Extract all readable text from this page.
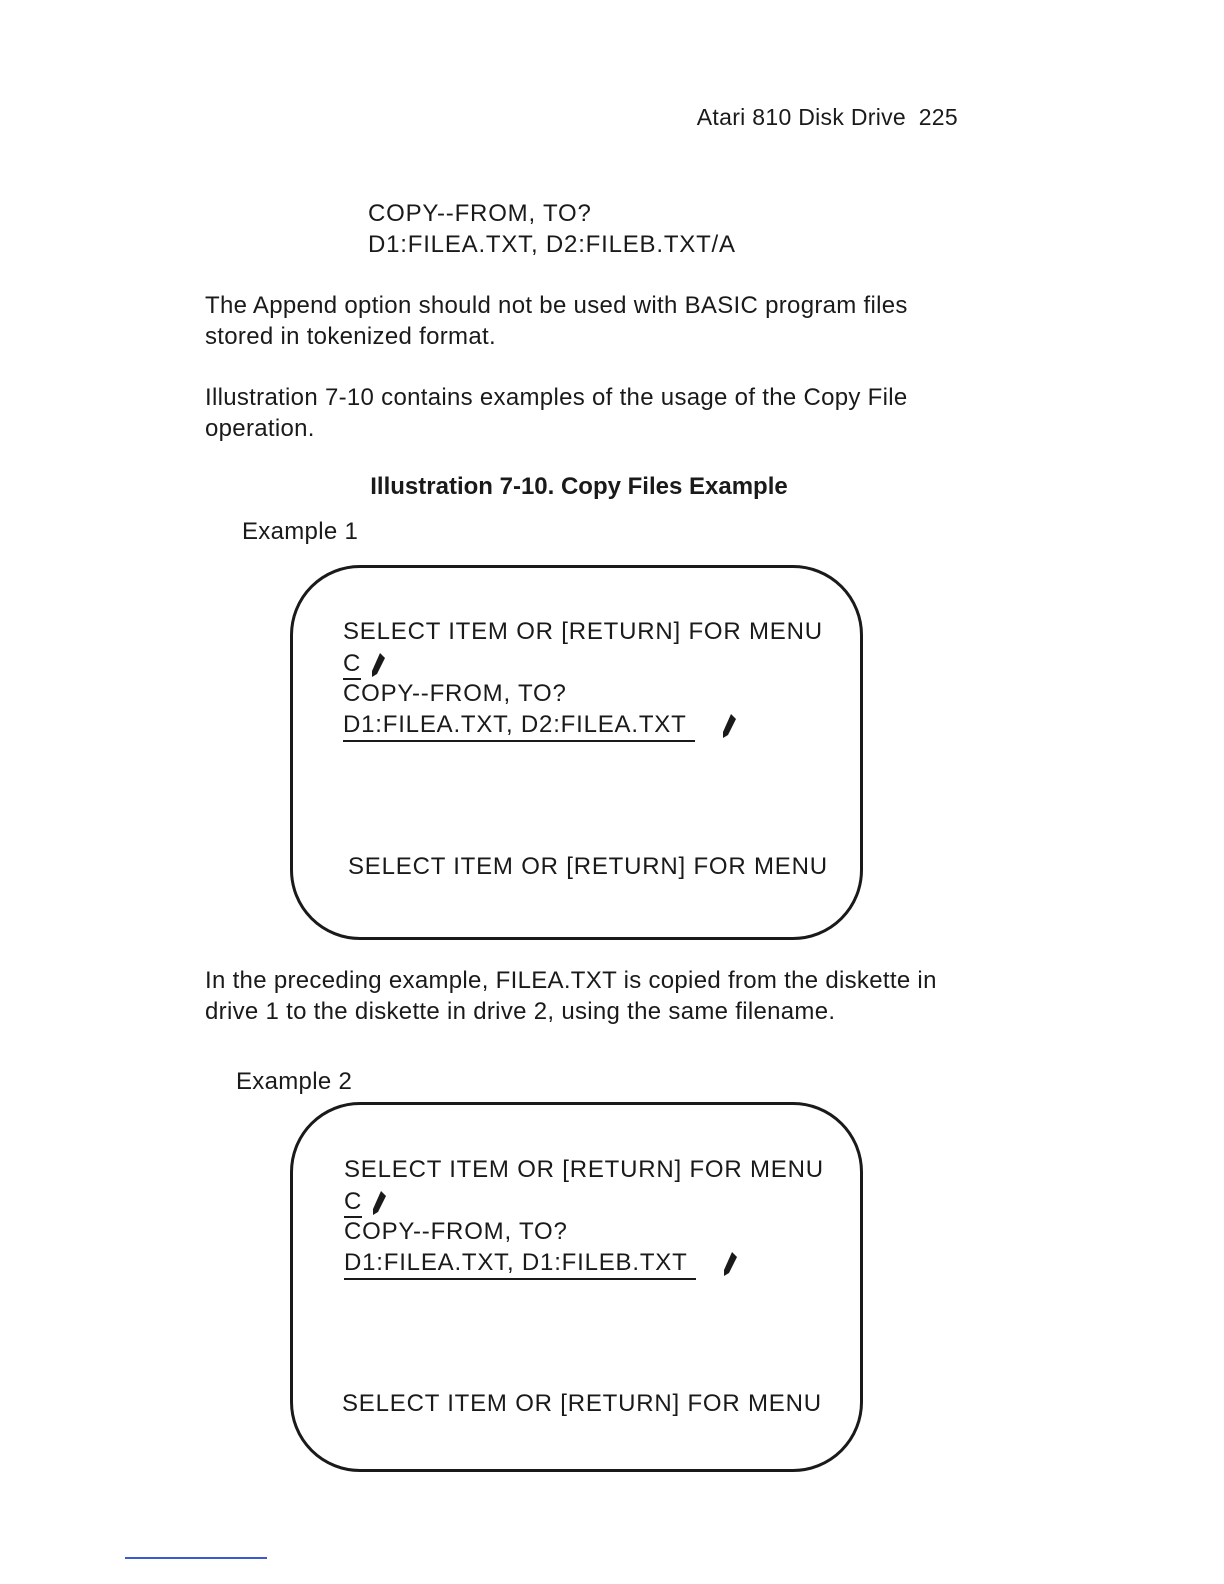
Atari 810 Disk Drive 225
COPY--FROM, TO?
D1:FILEA.TXT, D2:FILEB.TXT/A

The Append option should not be used with BASIC program files stored in tokenized format.

Illustration 7-10 contains examples of the usage of the Copy File operation.

Illustration 7-10. Copy Files Example
Example 1
SELECT ITEM OR [RETURN] FOR MENU
C
COPY--FROM, TO?
D1:FILEA.TXT, D2:FILEA.TXT
SELECT ITEM OR [RETURN] FOR MENU

In the preceding example, FILEA.TXT is copied from the diskette in drive 1 to the diskette in drive 2, using the same filename.

Example 2
SELECT ITEM OR [RETURN] FOR MENU
C
COPY--FROM, TO?
D1:FILEA.TXT, D1:FILEB.TXT
SELECT ITEM OR [RETURN] FOR MENU
